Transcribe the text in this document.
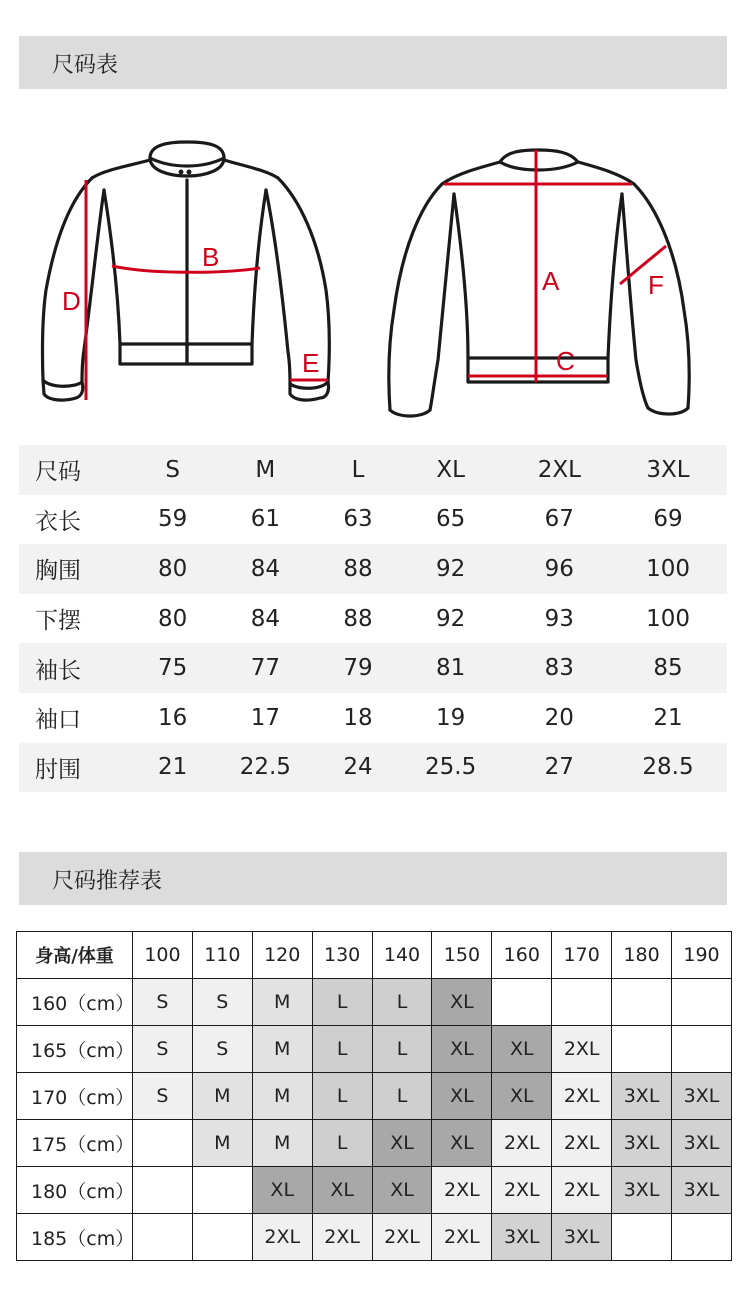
尺码表
D
B
E
A
C
F
尺码	S	M	L	XL	2XL	3XL
衣长	59	61	63	65	67	69
胸围	80	84	88	92	96	100
下摆	80	84	88	92	93	100
袖长	75	77	79	81	83	85
袖口	16	17	18	19	20	21
肘围	21	22.5	24	25.5	27	28.5
尺码推荐表
身高/体重	100	110	120	130	140	150	160	170	180	190
160（cm）	S	S	M	L	L	XL				
165（cm）	S	S	M	L	L	XL	XL	2XL		
170（cm）	S	M	M	L	L	XL	XL	2XL	3XL	3XL
175（cm）		M	M	L	XL	XL	2XL	2XL	3XL	3XL
180（cm）			XL	XL	XL	2XL	2XL	2XL	3XL	3XL
185（cm）			2XL	2XL	2XL	2XL	3XL	3XL		
